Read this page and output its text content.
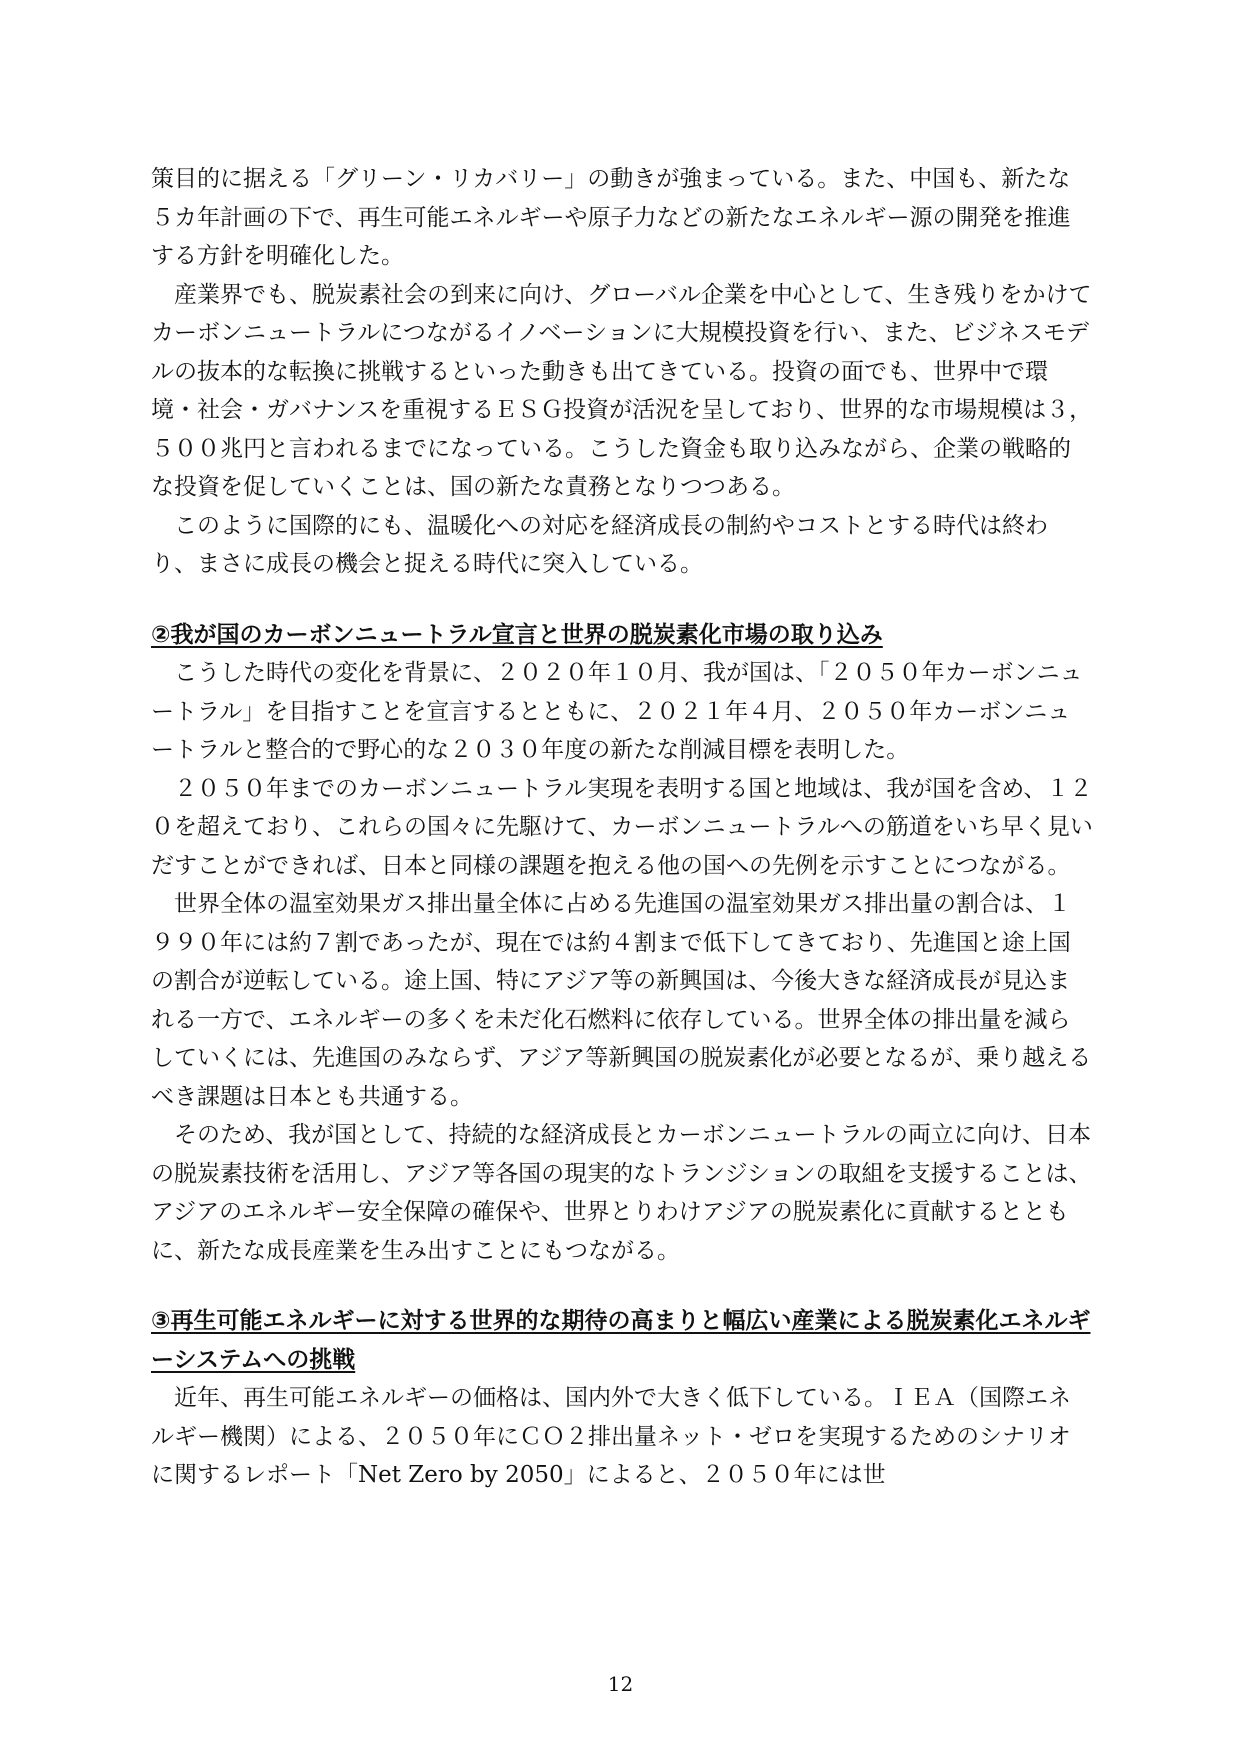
策目的に据える「グリーン・リカバリー」の動きが強まっている。また、中国も、新たな５カ年計画の下で、再生可能エネルギーや原子力などの新たなエネルギー源の開発を推進する方針を明確化した。

産業界でも、脱炭素社会の到来に向け、グローバル企業を中心として、生き残りをかけてカーボンニュートラルにつながるイノベーションに大規模投資を行い、また、ビジネスモデルの抜本的な転換に挑戦するといった動きも出てきている。投資の面でも、世界中で環境・社会・ガバナンスを重視するＥＳＧ投資が活況を呈しており、世界的な市場規模は３，５００兆円と言われるまでになっている。こうした資金も取り込みながら、企業の戦略的な投資を促していくことは、国の新たな責務となりつつある。

このように国際的にも、温暖化への対応を経済成長の制約やコストとする時代は終わり、まさに成長の機会と捉える時代に突入している。

②我が国のカーボンニュートラル宣言と世界の脱炭素化市場の取り込み

こうした時代の変化を背景に、２０２０年１０月、我が国は、「２０５０年カーボンニュートラル」を目指すことを宣言するとともに、２０２１年４月、２０５０年カーボンニュートラルと整合的で野心的な２０３０年度の新たな削減目標を表明した。

２０５０年までのカーボンニュートラル実現を表明する国と地域は、我が国を含め、１２０を超えており、これらの国々に先駆けて、カーボンニュートラルへの筋道をいち早く見いだすことができれば、日本と同様の課題を抱える他の国への先例を示すことにつながる。

世界全体の温室効果ガス排出量全体に占める先進国の温室効果ガス排出量の割合は、１９９０年には約７割であったが、現在では約４割まで低下してきており、先進国と途上国の割合が逆転している。途上国、特にアジア等の新興国は、今後大きな経済成長が見込まれる一方で、エネルギーの多くを未だ化石燃料に依存している。世界全体の排出量を減らしていくには、先進国のみならず、アジア等新興国の脱炭素化が必要となるが、乗り越えるべき課題は日本とも共通する。

そのため、我が国として、持続的な経済成長とカーボンニュートラルの両立に向け、日本の脱炭素技術を活用し、アジア等各国の現実的なトランジションの取組を支援することは、アジアのエネルギー安全保障の確保や、世界とりわけアジアの脱炭素化に貢献するとともに、新たな成長産業を生み出すことにもつながる。

③再生可能エネルギーに対する世界的な期待の高まりと幅広い産業による脱炭素化エネルギーシステムへの挑戦

近年、再生可能エネルギーの価格は、国内外で大きく低下している。ＩＥＡ（国際エネルギー機関）による、２０５０年にＣＯ２排出量ネット・ゼロを実現するためのシナリオに関するレポート「Net Zero by 2050」によると、２０５０年には世

12
